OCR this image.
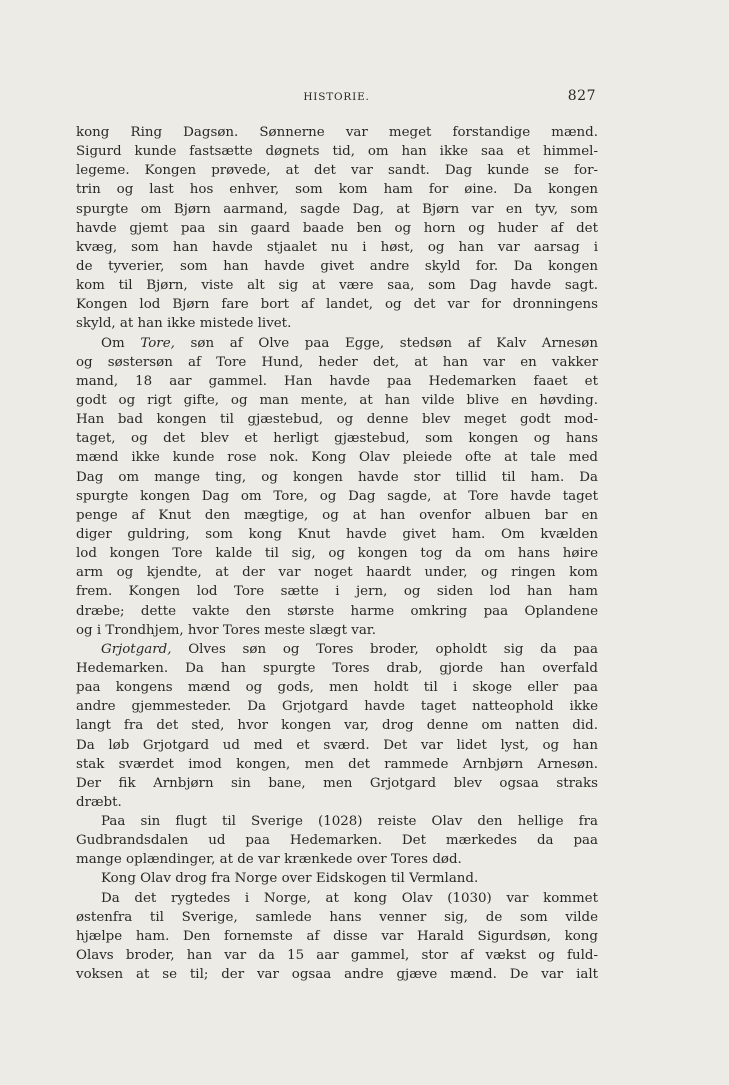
HISTORIE.	827
kong Ring Dagsøn. Sønnerne var meget forstandige mænd.
Sigurd kunde fastsætte døgnets tid, om han ikke saa et himmel-
legeme. Kongen prøvede, at det var sandt. Dag kunde se for-
trin og last hos enhver, som kom ham for øine. Da kongen
spurgte om Bjørn aarmand, sagde Dag, at Bjørn var en tyv, som
havde gjemt paa sin gaard baade ben og horn og huder af det
kvæg, som han havde stjaalet nu i høst, og han var aarsag i
de tyverier, som han havde givet andre skyld for. Da kongen
kom til Bjørn, viste alt sig at være saa, som Dag havde sagt.
Kongen lod Bjørn fare bort af landet, og det var for dronningens
skyld, at han ikke mistede livet.
Om Tore, søn af Olve paa Egge, stedsøn af Kalv Arnesøn
og søstersøn af Tore Hund, heder det, at han var en vakker
mand, 18 aar gammel. Han havde paa Hedemarken faaet et
godt og rigt gifte, og man mente, at han vilde blive en høvding.
Han bad kongen til gjæstebud, og denne blev meget godt mod-
taget, og det blev et herligt gjæstebud, som kongen og hans
mænd ikke kunde rose nok. Kong Olav pleiede ofte at tale med
Dag om mange ting, og kongen havde stor tillid til ham. Da
spurgte kongen Dag om Tore, og Dag sagde, at Tore havde taget
penge af Knut den mægtige, og at han ovenfor albuen bar en
diger guldring, som kong Knut havde givet ham. Om kvælden
lod kongen Tore kalde til sig, og kongen tog da om hans høire
arm og kjendte, at der var noget haardt under, og ringen kom
frem. Kongen lod Tore sætte i jern, og siden lod han ham
dræbe; dette vakte den største harme omkring paa Oplandene
og i Trondhjem, hvor Tores meste slægt var.
Grjotgard, Olves søn og Tores broder, opholdt sig da paa
Hedemarken. Da han spurgte Tores drab, gjorde han overfald
paa kongens mænd og gods, men holdt til i skoge eller paa
andre gjemmesteder. Da Grjotgard havde taget natteophold ikke
langt fra det sted, hvor kongen var, drog denne om natten did.
Da løb Grjotgard ud med et sværd. Det var lidet lyst, og han
stak sværdet imod kongen, men det rammede Arnbjørn Arnesøn.
Der fik Arnbjørn sin bane, men Grjotgard blev ogsaa straks
dræbt.
Paa sin flugt til Sverige (1028) reiste Olav den hellige fra
Gudbrandsdalen ud paa Hedemarken. Det mærkedes da paa
mange oplændinger, at de var krænkede over Tores død.
Kong Olav drog fra Norge over Eidskogen til Vermland.
Da det rygtedes i Norge, at kong Olav (1030) var kommet
østenfra til Sverige, samlede hans venner sig, de som vilde
hjælpe ham. Den fornemste af disse var Harald Sigurdsøn, kong
Olavs broder, han var da 15 aar gammel, stor af vækst og fuld-
voksen at se til; der var ogsaa andre gjæve mænd. De var ialt
